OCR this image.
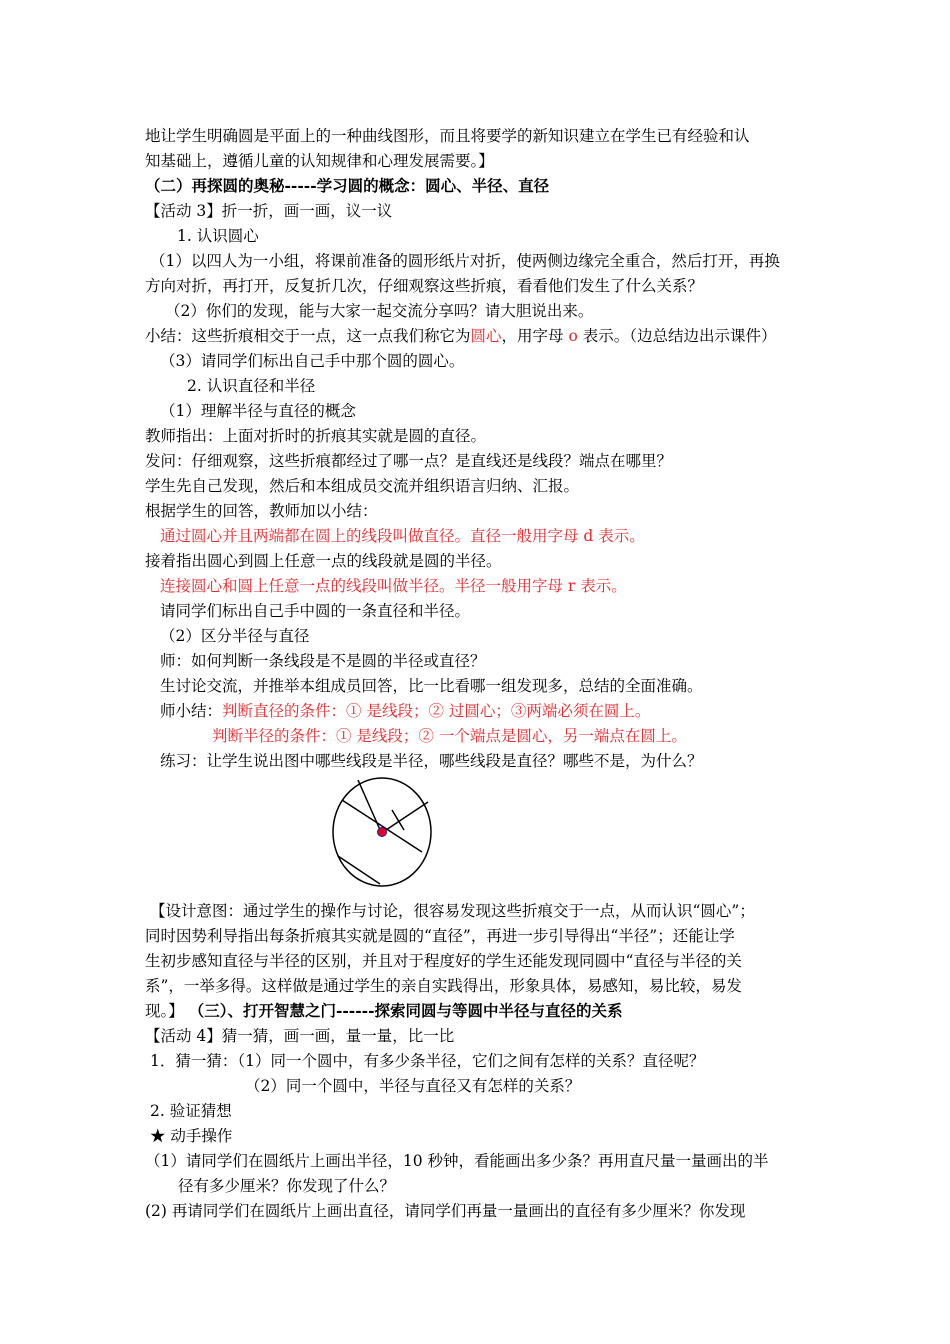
地让学生明确圆是平面上的一种曲线图形，而且将要学的新知识建立在学生已有经验和认
知基础上，遵循儿童的认知规律和心理发展需要。】
（二）再探圆的奥秘-----学习圆的概念：圆心、半径、直径
【活动 3】折一折，画一画，议一议
1. 认识圆心
（1）以四人为一小组，将课前准备的圆形纸片对折，使两侧边缘完全重合，然后打开，再换
方向对折，再打开，反复折几次，仔细观察这些折痕，看看他们发生了什么关系？
（2）你们的发现，能与大家一起交流分享吗？请大胆说出来。
小结：这些折痕相交于一点，这一点我们称它为圆心，用字母 o 表示。（边总结边出示课件）
（3）请同学们标出自己手中那个圆的圆心。
2. 认识直径和半径
（1）理解半径与直径的概念
教师指出：上面对折时的折痕其实就是圆的直径。
发问：仔细观察，这些折痕都经过了哪一点？是直线还是线段？端点在哪里？
学生先自己发现，然后和本组成员交流并组织语言归纳、汇报。
根据学生的回答，教师加以小结：
通过圆心并且两端都在圆上的线段叫做直径。直径一般用字母 d 表示。
接着指出圆心到圆上任意一点的线段就是圆的半径。
连接圆心和圆上任意一点的线段叫做半径。半径一般用字母 r 表示。
请同学们标出自己手中圆的一条直径和半径。
（2）区分半径与直径
师：如何判断一条线段是不是圆的半径或直径？
生讨论交流，并推举本组成员回答，比一比看哪一组发现多，总结的全面准确。
师小结：判断直径的条件：① 是线段；② 过圆心；③两端必须在圆上。
判断半径的条件：① 是线段；② 一个端点是圆心，另一端点在圆上。
练习：让学生说出图中哪些线段是半径，哪些线段是直径？哪些不是，为什么？
【设计意图：通过学生的操作与讨论，很容易发现这些折痕交于一点，从而认识“圆心”；
同时因势利导指出每条折痕其实就是圆的“直径”，再进一步引导得出“半径”；还能让学
生初步感知直径与半径的区别，并且对于程度好的学生还能发现同圆中“直径与半径的关
系”，一举多得。这样做是通过学生的亲自实践得出，形象具体，易感知，易比较，易发
现。】 （三）、打开智慧之门------探索同圆与等圆中半径与直径的关系
【活动 4】猜一猜，画一画，量一量，比一比
1．猜一猜：（1）同一个圆中，有多少条半径，它们之间有怎样的关系？直径呢？
（2）同一个圆中，半径与直径又有怎样的关系？
2. 验证猜想
★ 动手操作
（1）请同学们在圆纸片上画出半径，10 秒钟，看能画出多少条？再用直尺量一量画出的半
径有多少厘米？你发现了什么？
(2) 再请同学们在圆纸片上画出直径，请同学们再量一量画出的直径有多少厘米？你发现
